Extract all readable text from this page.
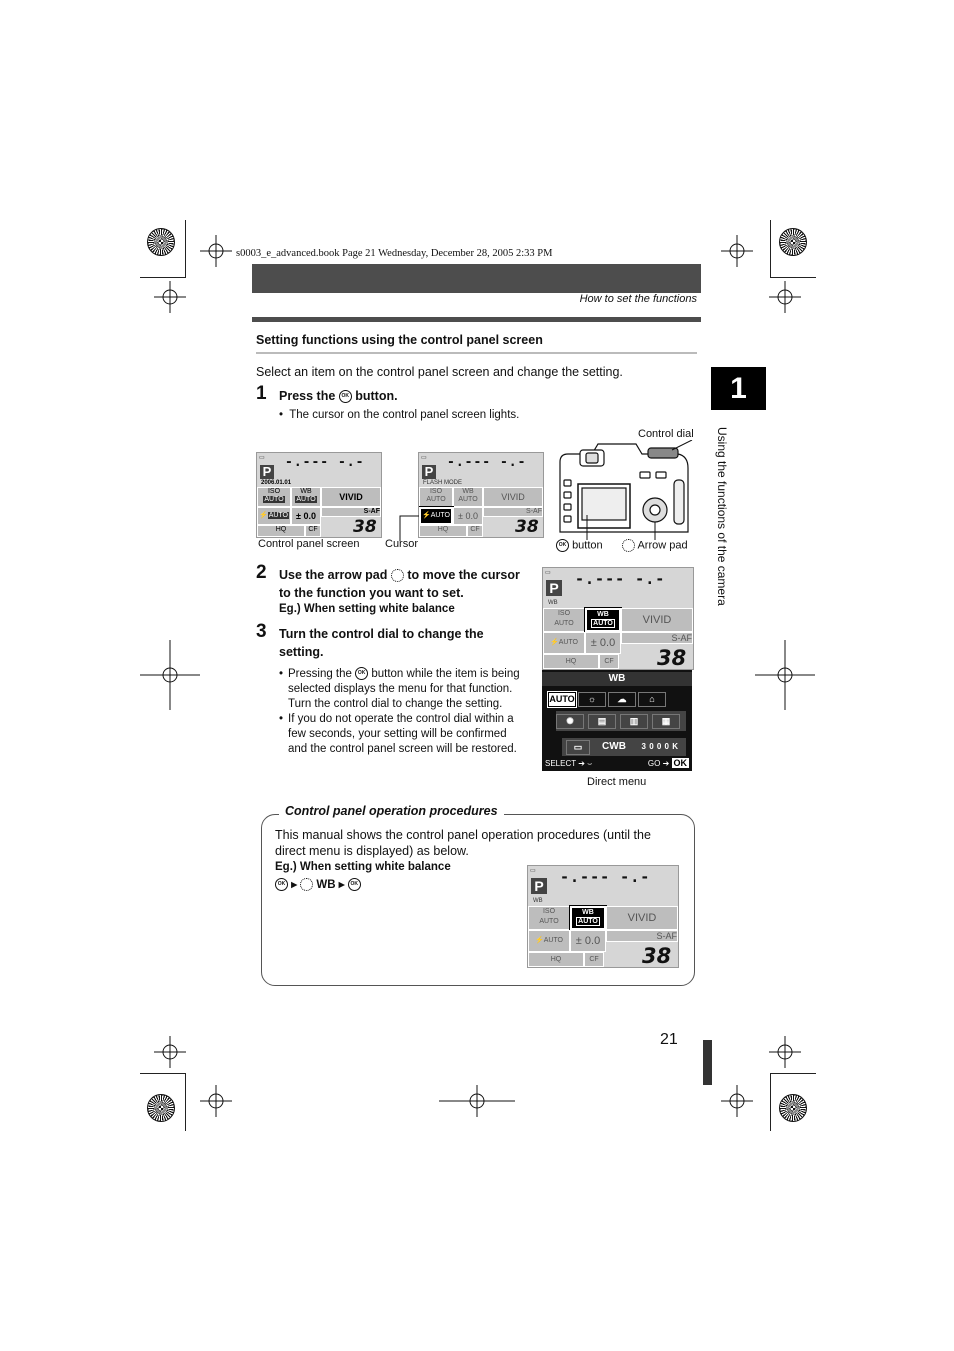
s0003_e_advanced.book Page 21 Wednesday, December 28, 2005 2:33 PM
How to set the functions
Setting functions using the control panel screen
Select an item on the control panel screen and change the setting.
1 Press the OK button.
•  The cursor on the control panel screen lights.
▭
P
-.--- -.-
2006.01.01
ISO
AUTO
WB
AUTO	VIVID
⚡AUTO ± 0.0	S-AF
HQ	CF 38
Control panel screen
▭
P
-.--- -.-
FLASH MODE
ISO
AUTO
WB
AUTO	VIVID
⚡AUTO ± 0.0	S-AF
HQ	CF 38
Cursor
Control dial
OK button	Arrow pad
2 Use the arrow pad to move the cursor
to the function you want to set.
Eg.) When setting white balance
3 Turn the control dial to change the
setting.
• Pressing the OK button while the item is being
selected displays the menu for that function.
Turn the control dial to change the setting.
• If you do not operate the control dial within a
few seconds, your setting will be confirmed
and the control panel screen will be restored.
▭
P -.--- -.-
WB
ISO
AUTO
WB
AUTO	VIVID
⚡AUTO	± 0.0	S-AF
HQ	CF 38
WB
AUTO	☼	☁	⌂
✺	▤	▥	▦
▭	CWB	3 0 0 0 K
SELECT ➔ ⌣	GO ➔ OK
Direct menu
Control panel operation procedures
This manual shows the control panel operation procedures (until the
direct menu is displayed) as below.
Eg.) When setting white balance
OK ▸ WB ▸ OK
▭
P -.--- -.-
WB
ISO
AUTO
WB
AUTO	VIVID
⚡AUTO	± 0.0	S-AF
HQ	CF 38
1
Using the functions of the camera
21
